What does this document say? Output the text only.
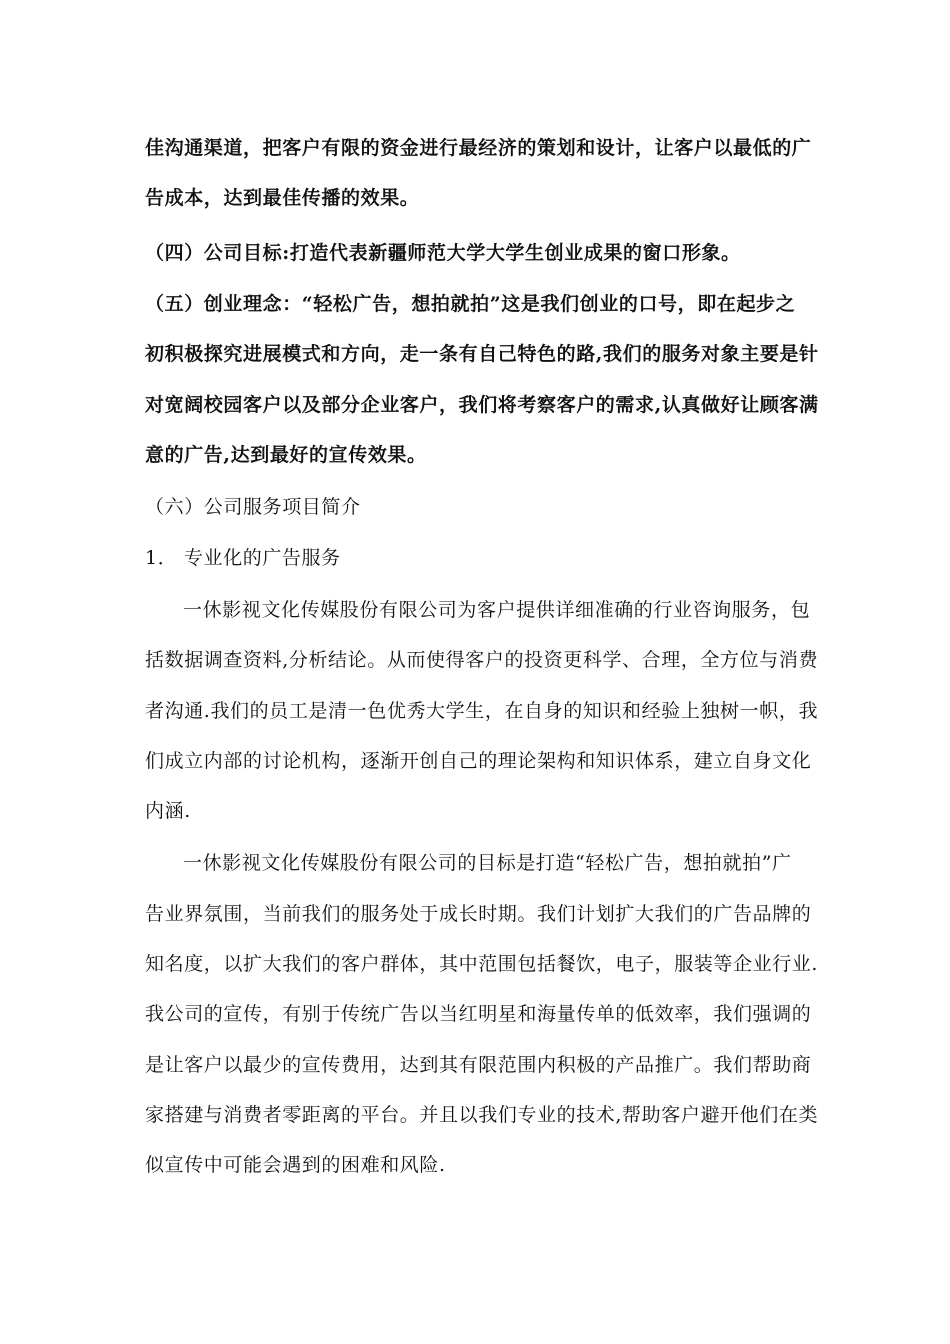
佳沟通渠道，把客户有限的资金进行最经济的策划和设计，让客户以最低的广
告成本，达到最佳传播的效果。
（四）公司目标:打造代表新疆师范大学大学生创业成果的窗口形象。
（五）创业理念：“轻松广告，想拍就拍”这是我们创业的口号，即在起步之
初积极探究进展模式和方向，走一条有自己特色的路,我们的服务对象主要是针
对宽阔校园客户以及部分企业客户，我们将考察客户的需求,认真做好让顾客满
意的广告,达到最好的宣传效果。
（六）公司服务项目简介
1． 专业化的广告服务
一休影视文化传媒股份有限公司为客户提供详细准确的行业咨询服务，包
括数据调查资料,分析结论。从而使得客户的投资更科学、合理，全方位与消费
者沟通.我们的员工是清一色优秀大学生，在自身的知识和经验上独树一帜，我
们成立内部的讨论机构，逐渐开创自己的理论架构和知识体系，建立自身文化
内涵.
一休影视文化传媒股份有限公司的目标是打造“轻松广告，想拍就拍”广
告业界氛围，当前我们的服务处于成长时期。我们计划扩大我们的广告品牌的
知名度，以扩大我们的客户群体，其中范围包括餐饮，电子，服装等企业行业.
我公司的宣传，有别于传统广告以当红明星和海量传单的低效率，我们强调的
是让客户以最少的宣传费用，达到其有限范围内积极的产品推广。我们帮助商
家搭建与消费者零距离的平台。并且以我们专业的技术,帮助客户避开他们在类
似宣传中可能会遇到的困难和风险.
